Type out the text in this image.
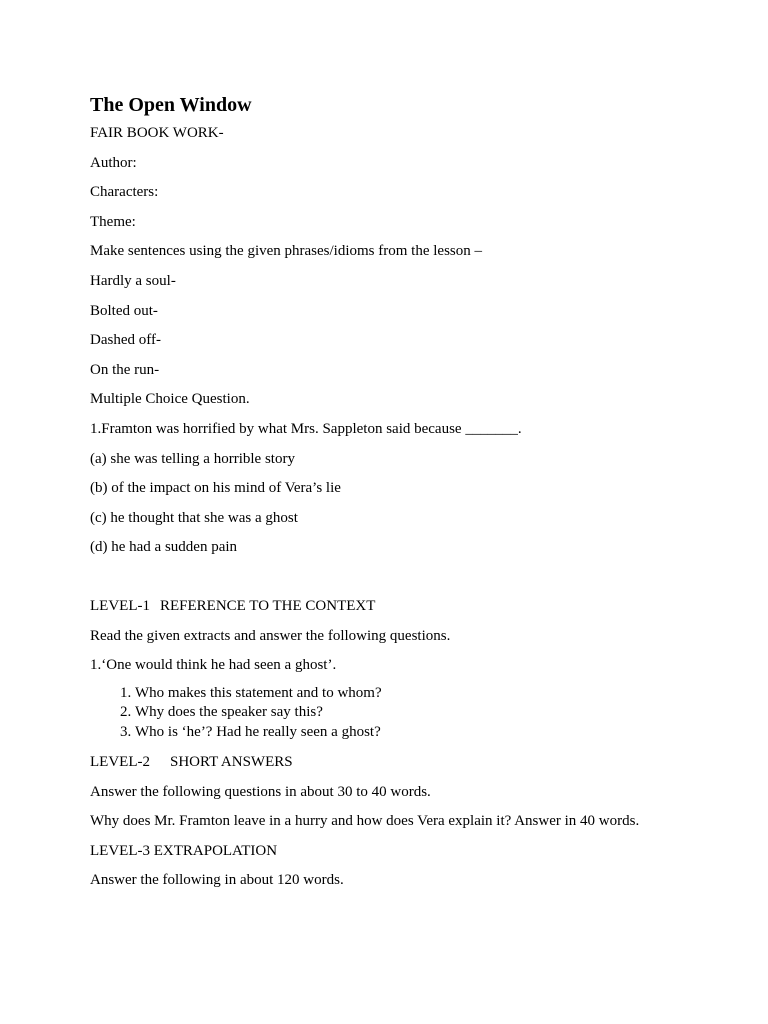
The Open Window
FAIR BOOK WORK-
Author:
Characters:
Theme:
Make sentences using the given phrases/idioms from the lesson –
Hardly a soul-
Bolted out-
Dashed off-
On the run-
Multiple Choice Question.
1.Framton was horrified by what Mrs. Sappleton said because _______.
(a) she was telling a horrible story
(b) of the impact on his mind of Vera’s lie
(c) he thought that she was a ghost
(d) he had a sudden pain
LEVEL-1 REFERENCE TO THE CONTEXT
Read the given extracts and answer the following questions.
1.‘One would think he had seen a ghost’.
1. Who makes this statement and to whom?
2. Why does the speaker say this?
3. Who is ‘he’? Had he really seen a ghost?
LEVEL-2 SHORT ANSWERS
Answer the following questions in about 30 to 40 words.
Why does Mr. Framton leave in a hurry and how does Vera explain it? Answer in 40 words.
LEVEL-3 EXTRAPOLATION
Answer the following in about 120 words.
